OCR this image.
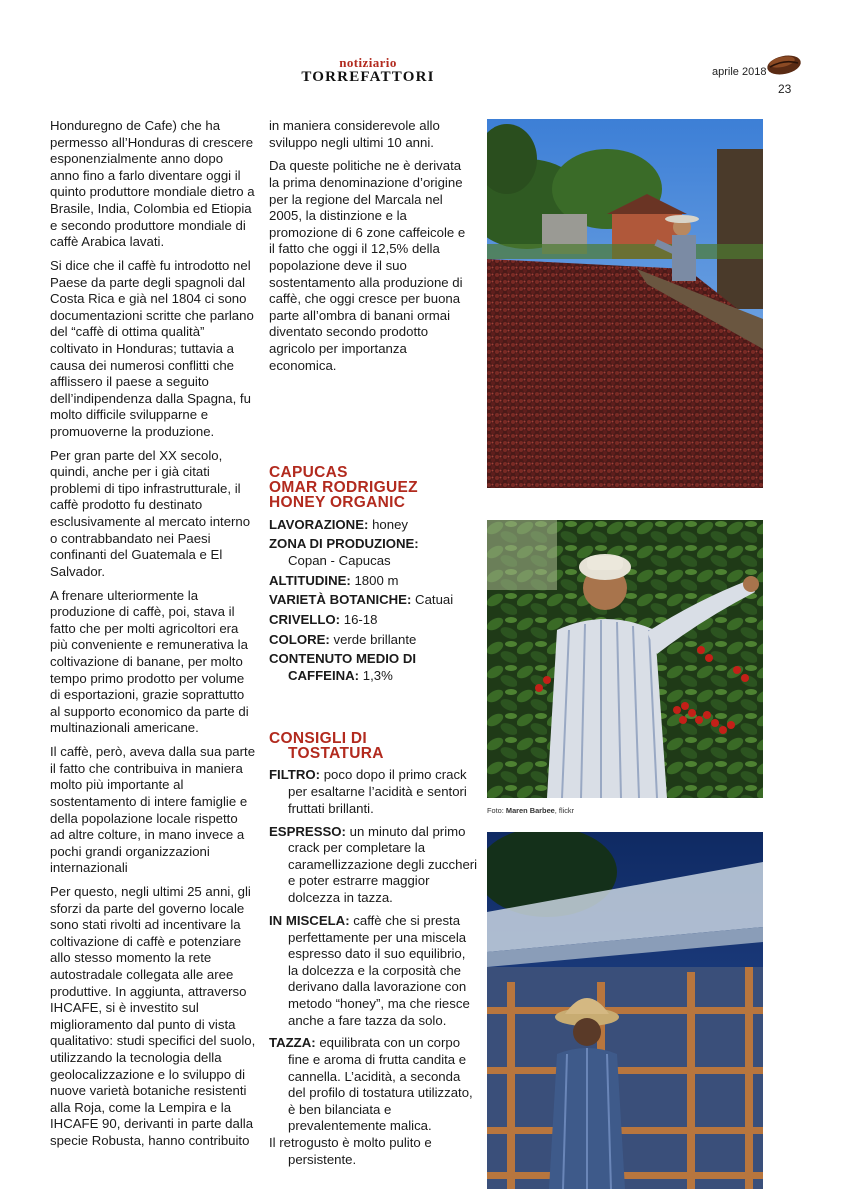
notiziario
TORREFATTORI	aprile 2018
23

Honduregno de Cafe) che ha permesso all’Honduras di crescere esponenzialmente anno dopo anno fino a farlo diventare oggi il quinto produttore mondiale dietro a Brasile, India, Colombia ed Etiopia e secondo produttore mondiale di caffè Arabica lavati.

Si dice che il caffè fu introdotto nel Paese da parte degli spagnoli dal Costa Rica e già nel 1804 ci sono documentazioni scritte che parlano del “caffè di ottima qualità” coltivato in Honduras; tuttavia a causa dei numerosi conflitti che afflissero il paese a seguito dell’indipendenza dalla Spagna, fu molto difficile svilupparne e promuoverne la produzione.

Per gran parte del XX secolo, quindi, anche per i già citati problemi di tipo infrastrutturale, il caffè prodotto fu destinato esclusivamente al mercato interno o contrabbandato nei Paesi confinanti del Guatemala e El Salvador.

A frenare ulteriormente la produzione di caffè, poi, stava il fatto che per molti agricoltori era più conveniente e remunerativa la coltivazione di banane, per molto tempo primo prodotto per volume di esportazioni, grazie soprattutto al supporto economico da parte di multinazionali americane.

Il caffè, però, aveva dalla sua parte il fatto che contribuiva in maniera molto più importante al sostentamento di intere famiglie e della popolazione locale rispetto ad altre colture, in mano invece a pochi grandi organizzazioni internazionali

Per questo, negli ultimi 25 anni, gli sforzi da parte del governo locale sono stati rivolti ad incentivare la coltivazione di caffè e potenziare allo stesso momento la rete autostradale collegata alle aree produttive. In aggiunta, attraverso IHCAFE, si è investito sul miglioramento dal punto di vista qualitativo: studi specifici del suolo, utilizzando la tecnologia della geolocalizzazione e lo sviluppo di nuove varietà botaniche resistenti alla Roja, come la Lempira e la IHCAFE 90, derivanti in parte dalla specie Robusta, hanno contribuito

in maniera considerevole allo sviluppo negli ultimi 10 anni.

Da queste politiche ne è derivata la prima denominazione d’origine per la regione del Marcala nel 2005, la distinzione e la promozione di 6 zone caffeicole e il fatto che oggi il 12,5% della popolazione deve il suo sostentamento alla produzione di caffè, che oggi cresce per buona parte all’ombra di banani ormai diventato secondo prodotto agricolo per importanza economica.

CAPUCAS
OMAR RODRIGUEZ
HONEY ORGANIC
LAVORAZIONE: honey
ZONA DI PRODUZIONE:
Copan - Capucas
ALTITUDINE: 1800 m
VARIETÀ BOTANICHE: Catuai
CRIVELLO: 16-18
COLORE: verde brillante
CONTENUTO MEDIO DI
CAFFEINA: 1,3%
CONSIGLI DI
TOSTATURA
FILTRO: poco dopo il primo crack per esaltarne l’acidità e sentori fruttati brillanti.
ESPRESSO: un minuto dal primo crack per completare la caramellizzazione degli zuccheri e poter estrarre maggior dolcezza in tazza.
IN MISCELA: caffè che si presta perfettamente per una miscela espresso dato il suo equilibrio, la dolcezza e la corposità che derivano dalla lavorazione con metodo “honey”, ma che riesce anche a fare tazza da solo.
TAZZA: equilibrata con un corpo fine e aroma di frutta candita e cannella. L’acidità, a seconda del profilo di tostatura utilizzato, è ben bilanciata e prevalentemente malica.
Il retrogusto è molto pulito e persistente.
Foto: Maren Barbee, flickr
